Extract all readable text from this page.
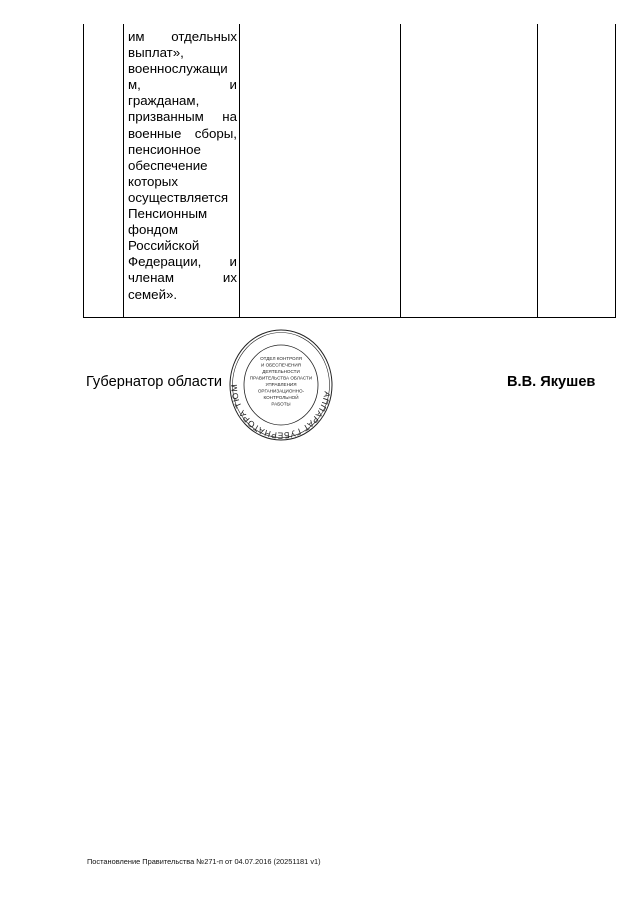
им отдельных
выплат»,
военнослужащи
м, и
гражданам,
призванным на
военные сборы,
пенсионное
обеспечение
которых
осуществляется
Пенсионным
фондом
Российской
Федерации, и
членам их
семей».

Губернатор области
АППАРАТ ГУБЕРНАТОРА ТЮМ
ОТДЕЛ КОНТРОЛЯ
И ОБЕСПЕЧЕНИЯ
ДЕЯТЕЛЬНОСТИ
ПРАВИТЕЛЬСТВА ОБЛАСТИ
УПРАВЛЕНИЯ
ОРГАНИЗАЦИОННО-
КОНТРОЛЬНОЙ
РАБОТЫ
В.В. Якушев
Постановление Правительства №271-п от 04.07.2016 (20251181 v1)
